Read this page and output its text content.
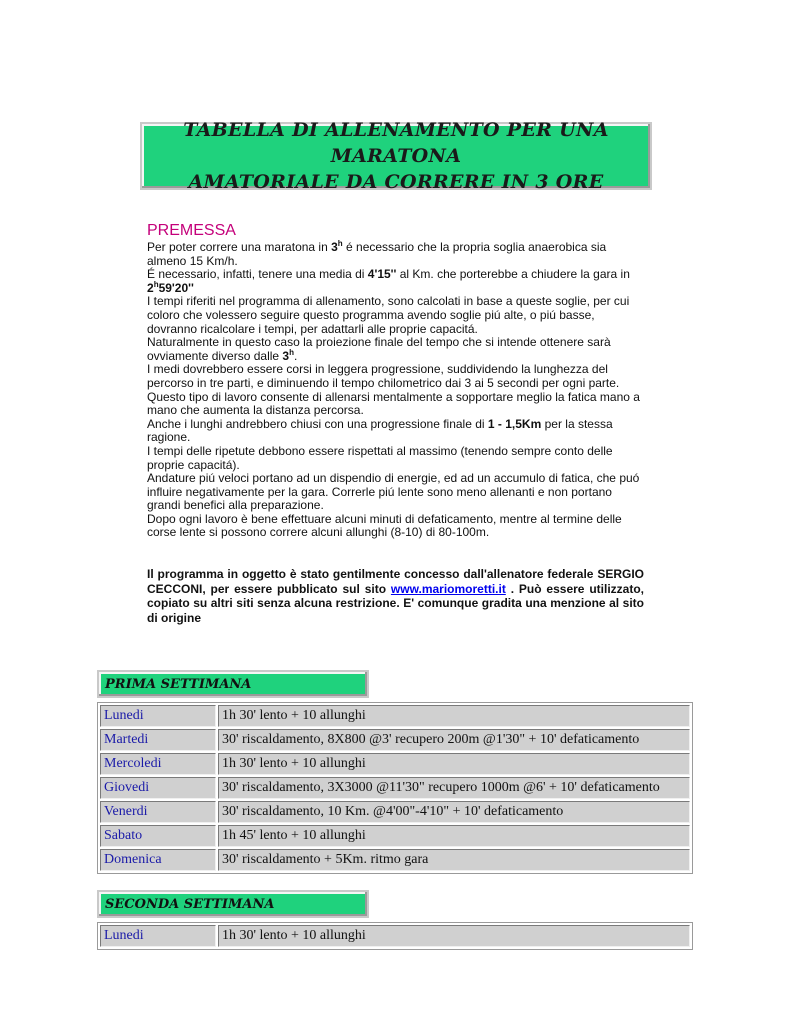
TABELLA DI ALLENAMENTO PER UNA MARATONA
AMATORIALE DA CORRERE IN 3 ORE
PREMESSA

Per poter correre una maratona in 3$^h$ é necessario che la propria soglia anaerobica sia almeno 15 Km/h.

É necessario, infatti, tenere una media di 4'15'' al Km. che porterebbe a chiudere la gara in
2$^h$59'20''

I tempi riferiti nel programma di allenamento, sono calcolati in base a queste soglie, per cui coloro che volessero seguire questo programma avendo soglie piú alte, o piú basse, dovranno ricalcolare i tempi, per adattarli alle proprie capacitá.

Naturalmente in questo caso la proiezione finale del tempo che si intende ottenere sarà ovviamente diverso dalle 3$^h$.

I medi dovrebbero essere corsi in leggera progressione, suddividendo la lunghezza del percorso in tre parti, e diminuendo il tempo chilometrico dai 3 ai 5 secondi per ogni parte.

Questo tipo di lavoro consente di allenarsi mentalmente a sopportare meglio la fatica mano a mano che aumenta la distanza percorsa.

Anche i lunghi andrebbero chiusi con una progressione finale di 1 - 1,5Km per la stessa ragione.

I tempi delle ripetute debbono essere rispettati al massimo (tenendo sempre conto delle proprie capacitá).

Andature piú veloci portano ad un dispendio di energie, ed ad un accumulo di fatica, che puó influire negativamente per la gara. Correrle piú lente sono meno allenanti e non portano grandi benefici alla preparazione.

Dopo ogni lavoro è bene effettuare alcuni minuti di defaticamento, mentre al termine delle corse lente si possono correre alcuni allunghi (8-10) di 80-100m.

Il programma in oggetto è stato gentilmente concesso dall'allenatore federale SERGIO CECCONI, per essere pubblicato sul sito www.mariomoretti.it . Può essere utilizzato, copiato su altri siti senza alcuna restrizione. E' comunque gradita una menzione al sito di origine
PRIMA SETTIMANA
Lunedi	1h 30' lento + 10 allunghi
Martedi	30' riscaldamento, 8X800 @3' recupero 200m @1'30" + 10' defaticamento
Mercoledi	1h 30' lento + 10 allunghi
Giovedi	30' riscaldamento, 3X3000 @11'30" recupero 1000m @6' + 10' defaticamento
Venerdi	30' riscaldamento, 10 Km. @4'00"-4'10" + 10' defaticamento
Sabato	1h 45' lento + 10 allunghi
Domenica	30' riscaldamento + 5Km. ritmo gara
SECONDA SETTIMANA
Lunedi	1h 30' lento + 10 allunghi
